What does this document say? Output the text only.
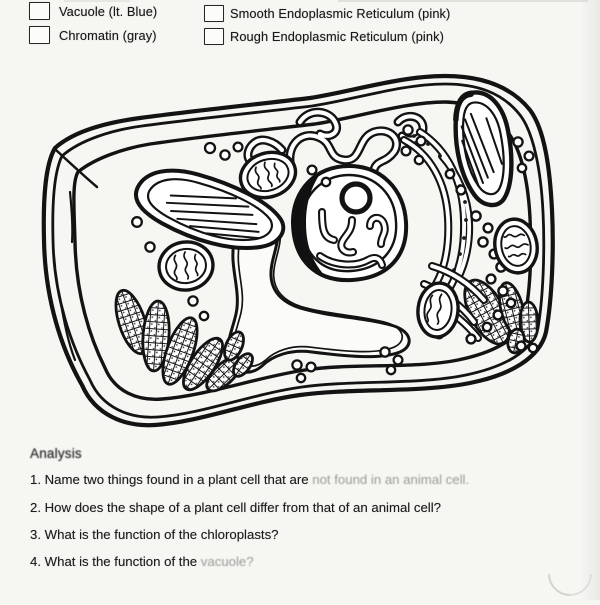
Vacuole (lt. Blue)
Chromatin (gray)
Smooth Endoplasmic Reticulum (pink)
Rough Endoplasmic Reticulum (pink)
Analysis
1. Name two things found in a plant cell that are not found in an animal cell.
2. How does the shape of a plant cell differ from that of an animal cell?
3. What is the function of the chloroplasts?
4. What is the function of the vacuole?
